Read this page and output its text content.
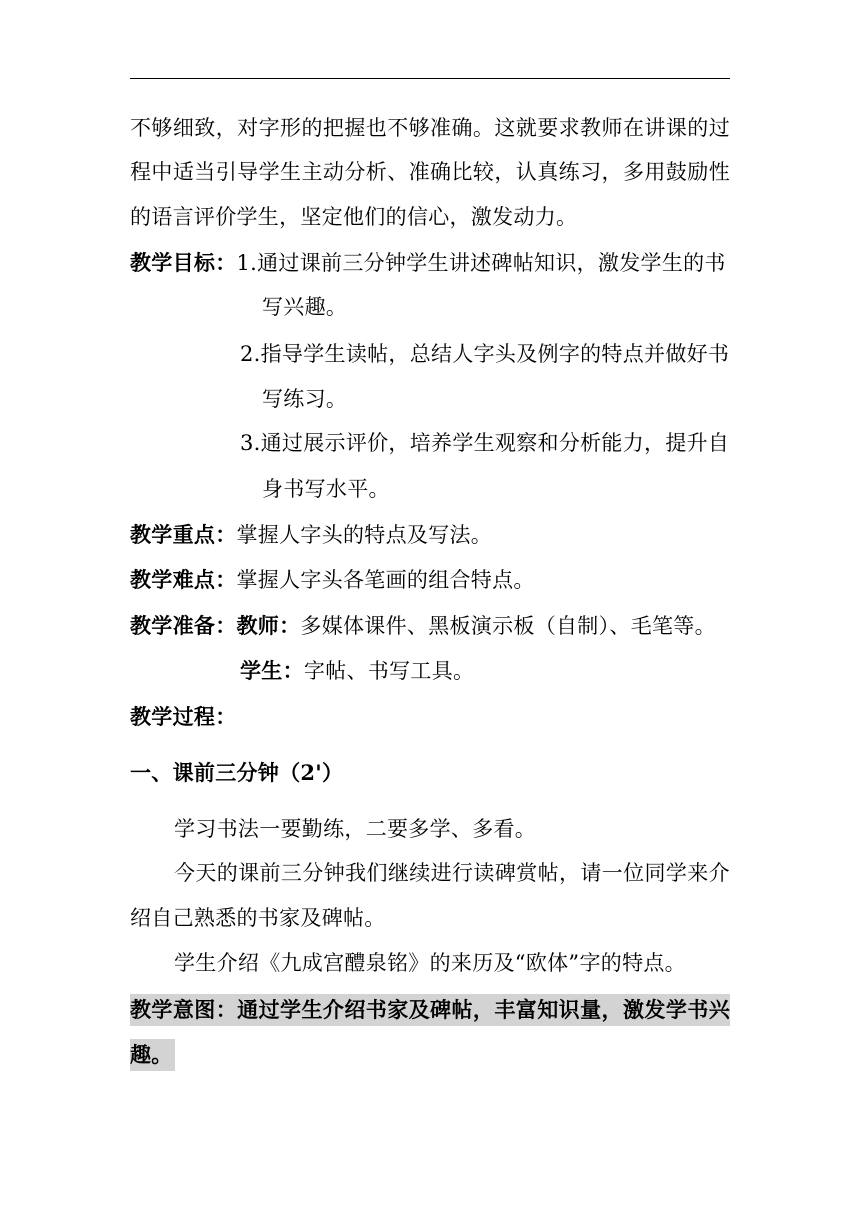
不够细致，对字形的把握也不够准确。这就要求教师在讲课的过
程中适当引导学生主动分析、准确比较，认真练习，多用鼓励性
的语言评价学生，坚定他们的信心，激发动力。
教学目标：1.通过课前三分钟学生讲述碑帖知识，激发学生的书
写兴趣。
2.指导学生读帖，总结人字头及例字的特点并做好书
写练习。
3.通过展示评价，培养学生观察和分析能力，提升自
身书写水平。
教学重点：掌握人字头的特点及写法。
教学难点：掌握人字头各笔画的组合特点。
教学准备：教师：多媒体课件、黑板演示板（自制）、毛笔等。
学生：字帖、书写工具。
教学过程：
一、课前三分钟（2'）
学习书法一要勤练，二要多学、多看。
今天的课前三分钟我们继续进行读碑赏帖，请一位同学来介
绍自己熟悉的书家及碑帖。
学生介绍《九成宫醴泉铭》的来历及“欧体”字的特点。
教学意图：通过学生介绍书家及碑帖，丰富知识量，激发学书兴
趣。
